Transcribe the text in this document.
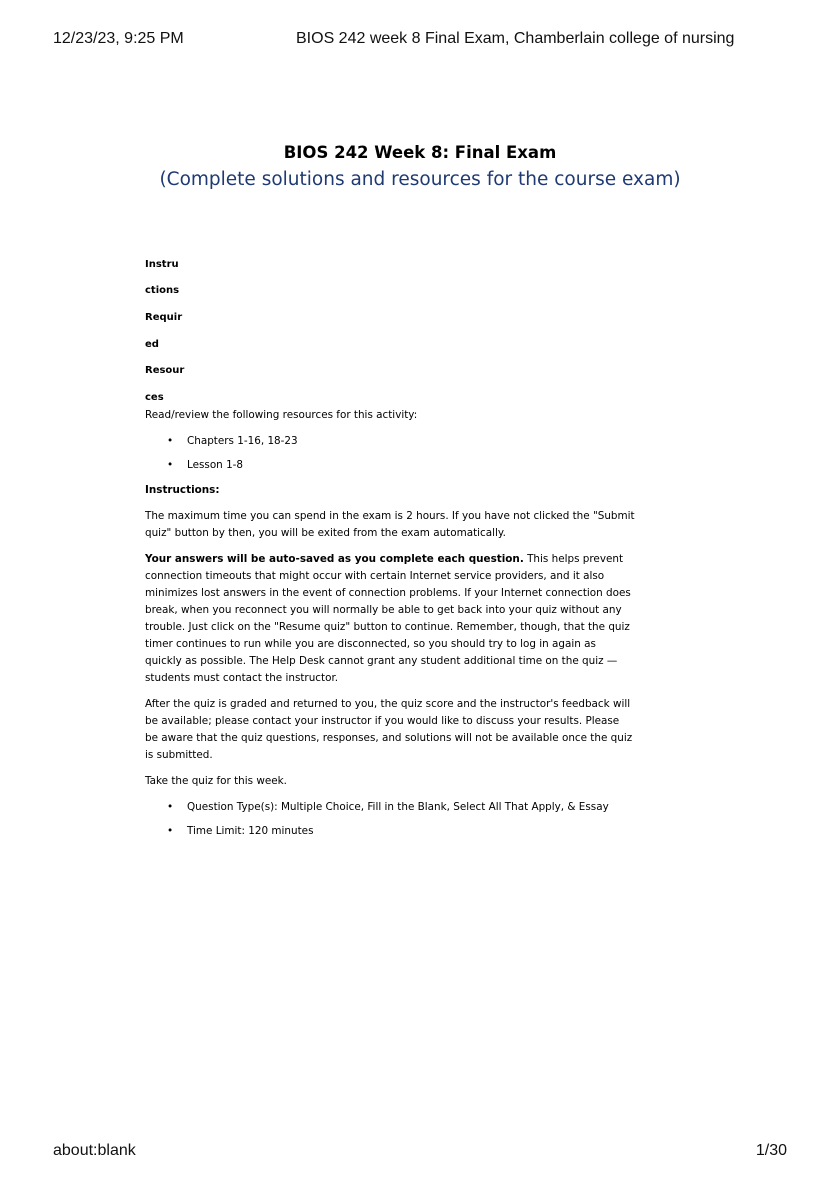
12/23/23, 9:25 PM	BIOS 242 week 8 Final Exam, Chamberlain college of nursing
BIOS 242 Week 8: Final Exam
(Complete solutions and resources for the course exam)
Instru
ctions
Requir
ed
Resour
ces

Read/review the following resources for this activity:

• Chapters 1-16, 18-23
• Lesson 1-8

Instructions:

The maximum time you can spend in the exam is 2 hours. If you have not clicked the "Submit quiz" button by then, you will be exited from the exam automatically.

Your answers will be auto-saved as you complete each question. This helps prevent connection timeouts that might occur with certain Internet service providers, and it also minimizes lost answers in the event of connection problems. If your Internet connection does break, when you reconnect you will normally be able to get back into your quiz without any trouble. Just click on the "Resume quiz" button to continue. Remember, though, that the quiz timer continues to run while you are disconnected, so you should try to log in again as quickly as possible. The Help Desk cannot grant any student additional time on the quiz —students must contact the instructor.

After the quiz is graded and returned to you, the quiz score and the instructor's feedback will be available; please contact your instructor if you would like to discuss your results. Please be aware that the quiz questions, responses, and solutions will not be available once the quiz is submitted.

Take the quiz for this week.

• Question Type(s): Multiple Choice, Fill in the Blank, Select All That Apply, & Essay
• Time Limit: 120 minutes
about:blank	1/30
